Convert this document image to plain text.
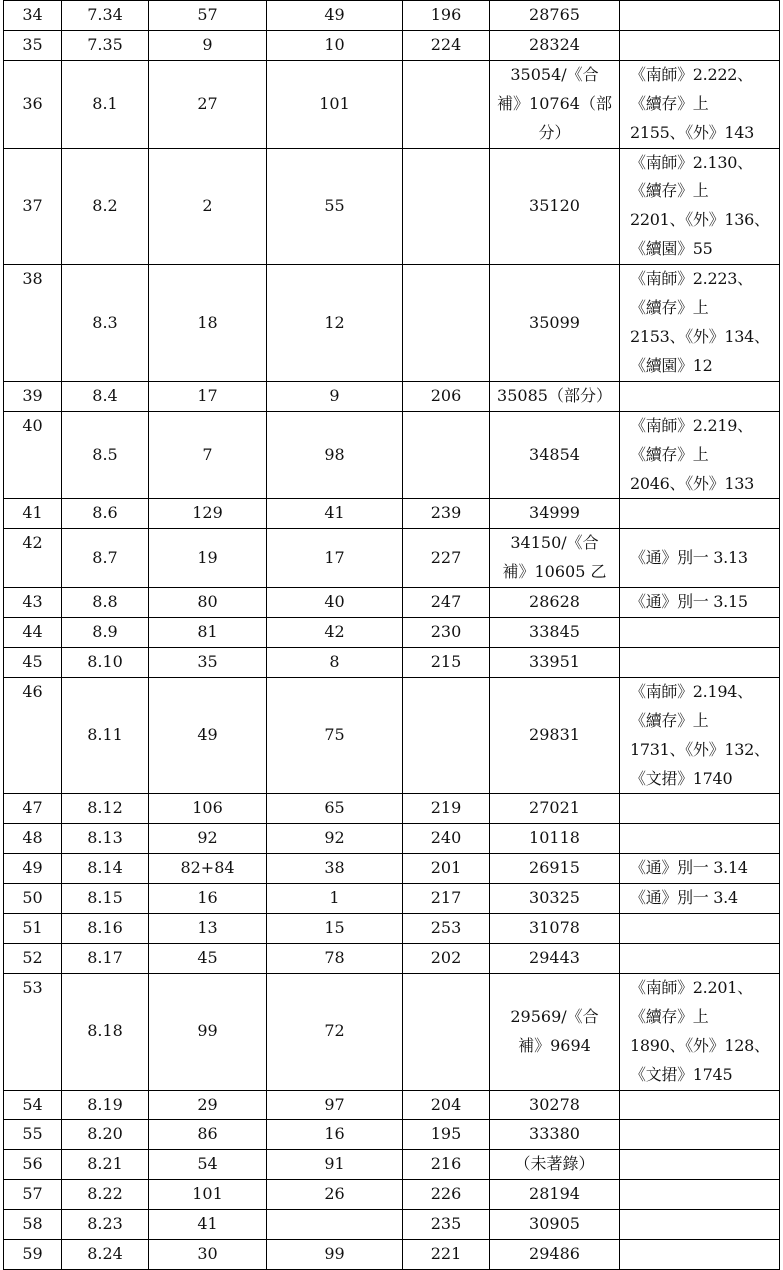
34	7.34	57	49	196	28765	
35	7.35	9	10	224	28324	
36	8.1	27	101		35054/《合
補》10764（部
分）	《南師》2.222、
《續存》上
2155、《外》143
37	8.2	2	55		35120	《南師》2.130、
《續存》上
2201、《外》136、
《續園》55
38	8.3	18	12		35099	《南師》2.223、
《續存》上
2153、《外》134、
《續園》12
39	8.4	17	9	206	35085（部分）	
40	8.5	7	98		34854	《南師》2.219、
《續存》上
2046、《外》133
41	8.6	129	41	239	34999	
42	8.7	19	17	227	34150/《合
補》10605 乙	《通》別一 3.13
43	8.8	80	40	247	28628	《通》別一 3.15
44	8.9	81	42	230	33845	
45	8.10	35	8	215	33951	
46	8.11	49	75		29831	《南師》2.194、
《續存》上
1731、《外》132、
《文捃》1740
47	8.12	106	65	219	27021	
48	8.13	92	92	240	10118	
49	8.14	82+84	38	201	26915	《通》別一 3.14
50	8.15	16	1	217	30325	《通》別一 3.4
51	8.16	13	15	253	31078	
52	8.17	45	78	202	29443	
53	8.18	99	72		29569/《合
補》9694	《南師》2.201、
《續存》上
1890、《外》128、
《文捃》1745
54	8.19	29	97	204	30278	
55	8.20	86	16	195	33380	
56	8.21	54	91	216	（未著錄）	
57	8.22	101	26	226	28194	
58	8.23	41		235	30905	
59	8.24	30	99	221	29486	
